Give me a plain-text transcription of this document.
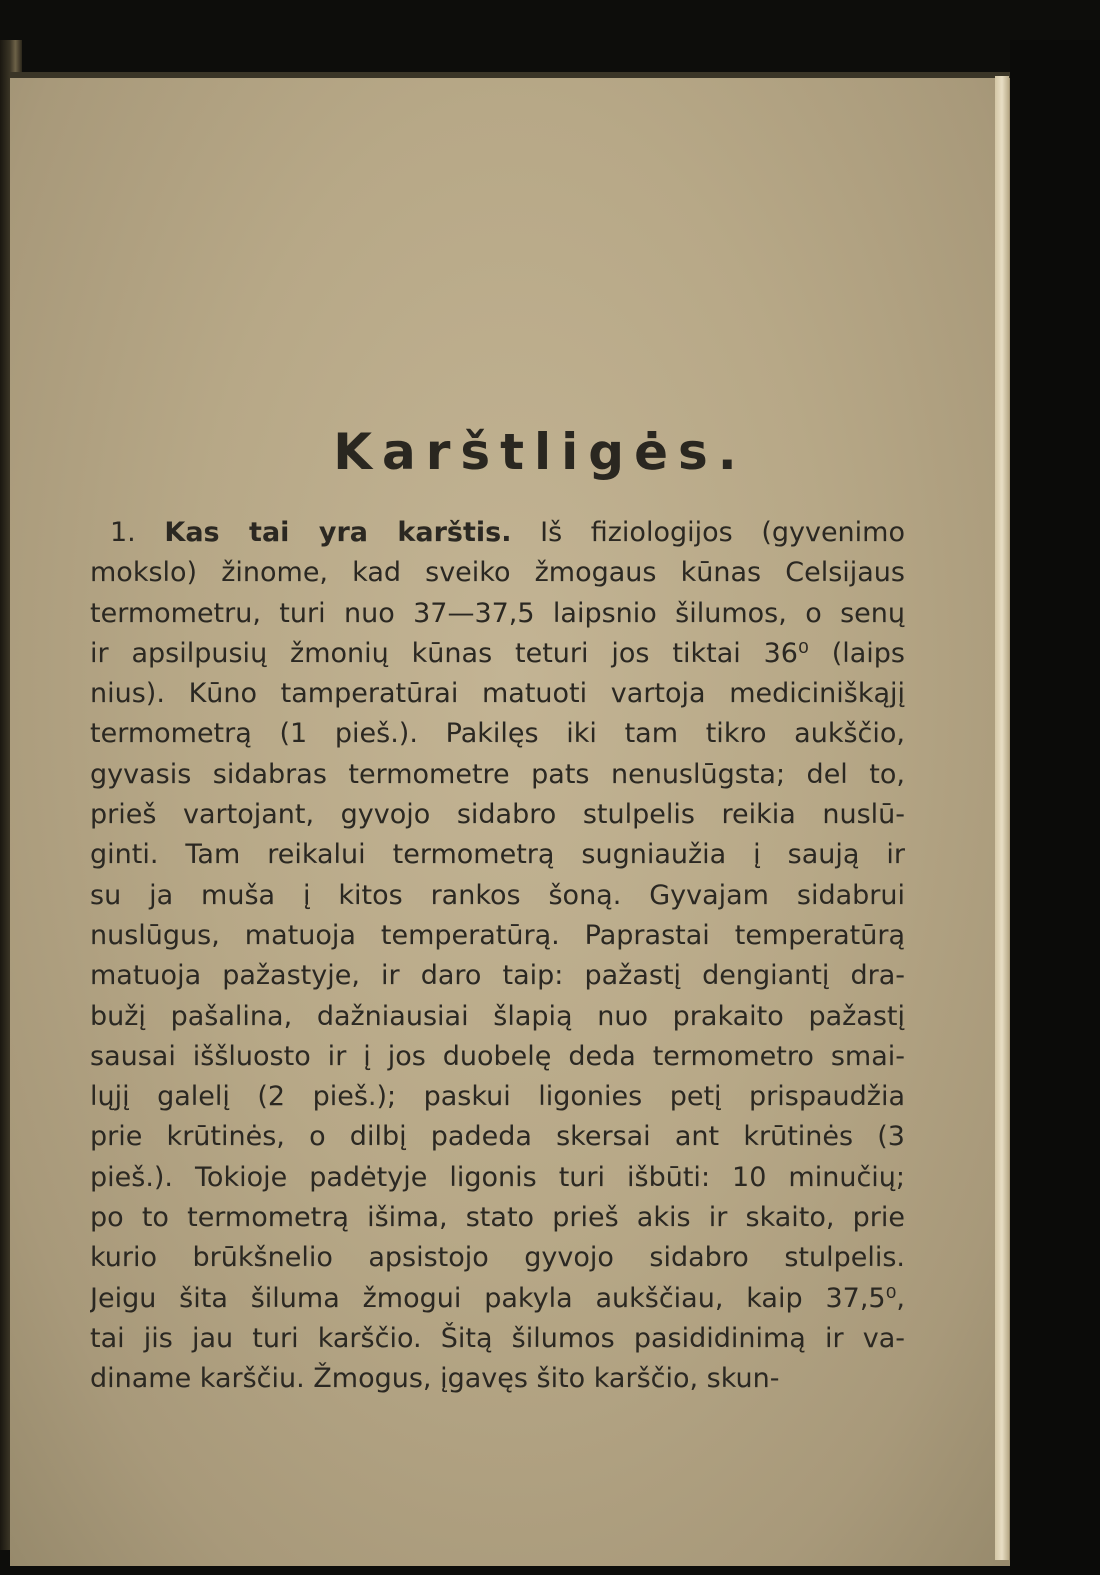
Karštligės.
1. Kas tai yra karštis. Iš fiziologijos (gyvenimo
mokslo) žinome, kad sveiko žmogaus kūnas Celsijaus
termometru, turi nuo 37—37,5 laipsnio šilumos, o senų
ir apsilpusių žmonių kūnas teturi jos tiktai 36⁰ (laips
nius). Kūno tamperatūrai matuoti vartoja mediciniškąjį
termometrą (1 pieš.). Pakilęs iki tam tikro aukščio,
gyvasis sidabras termometre pats nenuslūgsta; del to,
prieš vartojant, gyvojo sidabro stulpelis reikia nuslū-
ginti. Tam reikalui termometrą sugniaužia į saują ir
su ja muša į kitos rankos šoną. Gyvajam sidabrui
nuslūgus, matuoja temperatūrą. Paprastai temperatūrą
matuoja pažastyje, ir daro taip: pažastį dengiantį dra-
bužį pašalina, dažniausiai šlapią nuo prakaito pažastį
sausai iššluosto ir į jos duobelę deda termometro smai-
lųjį galelį (2 pieš.); paskui ligonies petį prispaudžia
prie krūtinės, o dilbį padeda skersai ant krūtinės (3
pieš.). Tokioje padėtyje ligonis turi išbūti: 10 minučių;
po to termometrą išima, stato prieš akis ir skaito, prie
kurio brūkšnelio apsistojo gyvojo sidabro stulpelis.
Jeigu šita šiluma žmogui pakyla aukščiau, kaip 37,5⁰,
tai jis jau turi karščio. Šitą šilumos pasididinimą ir va-
diname karščiu. Žmogus, įgavęs šito karščio, skun-
